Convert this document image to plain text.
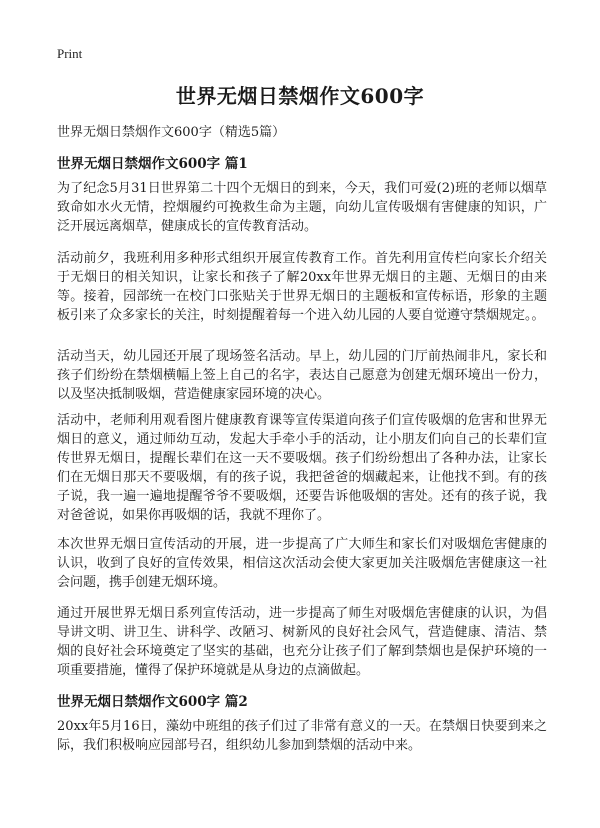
Print
世界无烟日禁烟作文600字
世界无烟日禁烟作文600字（精选5篇）
世界无烟日禁烟作文600字 篇1
为了纪念5月31日世界第二十四个无烟日的到来，今天，我们可爱(2)班的老师以烟草致命如水火无情，控烟履约可挽救生命为主题，向幼儿宣传吸烟有害健康的知识，广泛开展远离烟草，健康成长的宣传教育活动。
活动前夕，我班利用多种形式组织开展宣传教育工作。首先利用宣传栏向家长介绍关于无烟日的相关知识，让家长和孩子了解20xx年世界无烟日的主题、无烟日的由来等。接着，园部统一在校门口张贴关于世界无烟日的主题板和宣传标语，形象的主题板引来了众多家长的关注，时刻提醒着每一个进入幼儿园的人要自觉遵守禁烟规定。。
活动当天，幼儿园还开展了现场签名活动。早上，幼儿园的门厅前热闹非凡，家长和孩子们纷纷在禁烟横幅上签上自己的名字，表达自己愿意为创建无烟环境出一份力，以及坚决抵制吸烟，营造健康家园环境的决心。
活动中，老师利用观看图片健康教育课等宣传渠道向孩子们宣传吸烟的危害和世界无烟日的意义，通过师幼互动，发起大手牵小手的活动，让小朋友们向自己的长辈们宣传世界无烟日，提醒长辈们在这一天不要吸烟。孩子们纷纷想出了各种办法，让家长们在无烟日那天不要吸烟，有的孩子说，我把爸爸的烟藏起来，让他找不到。有的孩子说，我一遍一遍地提醒爷爷不要吸烟，还要告诉他吸烟的害处。还有的孩子说，我对爸爸说，如果你再吸烟的话，我就不理你了。
本次世界无烟日宣传活动的开展，进一步提高了广大师生和家长们对吸烟危害健康的认识，收到了良好的宣传效果，相信这次活动会使大家更加关注吸烟危害健康这一社会问题，携手创建无烟环境。
通过开展世界无烟日系列宣传活动，进一步提高了师生对吸烟危害健康的认识，为倡导讲文明、讲卫生、讲科学、改陋习、树新风的良好社会风气，营造健康、清洁、禁烟的良好社会环境奠定了坚实的基础，也充分让孩子们了解到禁烟也是保护环境的一项重要措施，懂得了保护环境就是从身边的点滴做起。
世界无烟日禁烟作文600字 篇2
20xx年5月16日，藻幼中班组的孩子们过了非常有意义的一天。在禁烟日快要到来之际，我们积极响应园部号召，组织幼儿参加到禁烟的活动中来。
